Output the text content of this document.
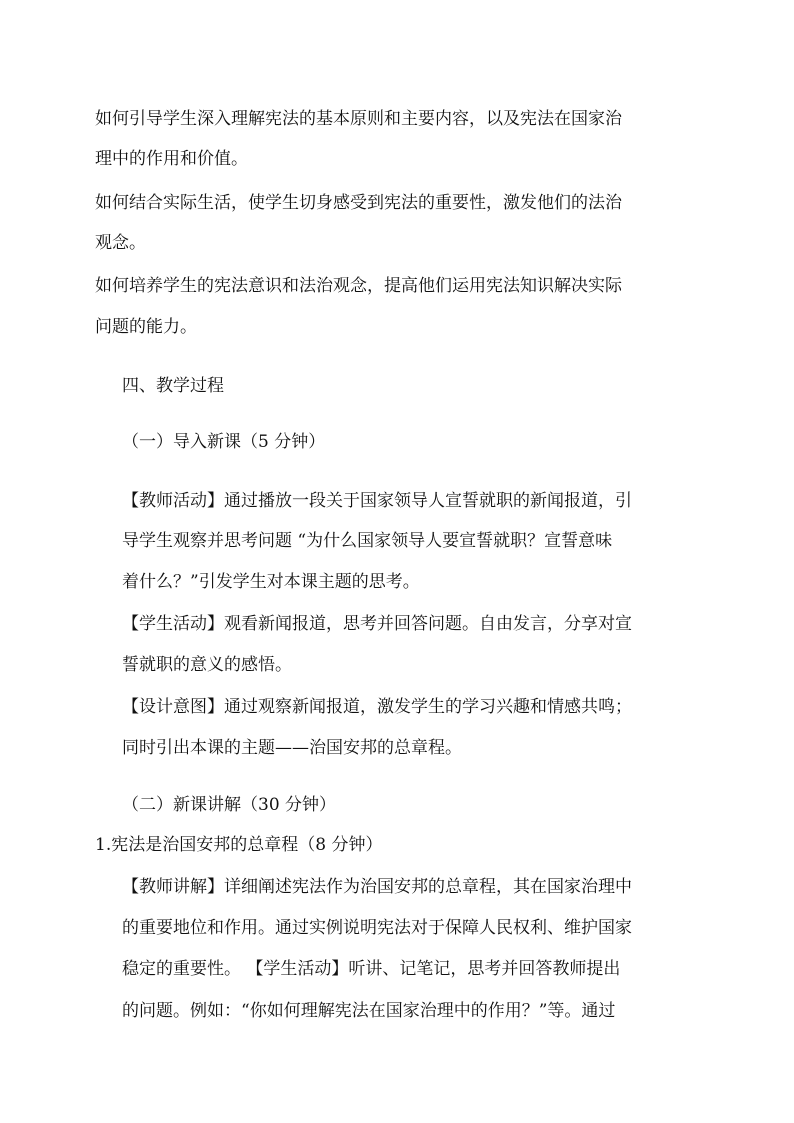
如何引导学生深入理解宪法的基本原则和主要内容，以及宪法在国家治

理中的作用和价值。

如何结合实际生活，使学生切身感受到宪法的重要性，激发他们的法治

观念。

如何培养学生的宪法意识和法治观念，提高他们运用宪法知识解决实际

问题的能力。

四、教学过程

（一）导入新课（5 分钟）

【教师活动】通过播放一段关于国家领导人宣誓就职的新闻报道，引

导学生观察并思考问题 “为什么国家领导人要宣誓就职？宣誓意味

着什么？”引发学生对本课主题的思考。

【学生活动】观看新闻报道，思考并回答问题。自由发言，分享对宣

誓就职的意义的感悟。

【设计意图】通过观察新闻报道，激发学生的学习兴趣和情感共鸣；

同时引出本课的主题——治国安邦的总章程。

（二）新课讲解（30 分钟）

1.宪法是治国安邦的总章程（8 分钟）

【教师讲解】详细阐述宪法作为治国安邦的总章程，其在国家治理中

的重要地位和作用。通过实例说明宪法对于保障人民权利、维护国家

稳定的重要性。 【学生活动】听讲、记笔记，思考并回答教师提出

的问题。例如：“你如何理解宪法在国家治理中的作用？”等。通过
